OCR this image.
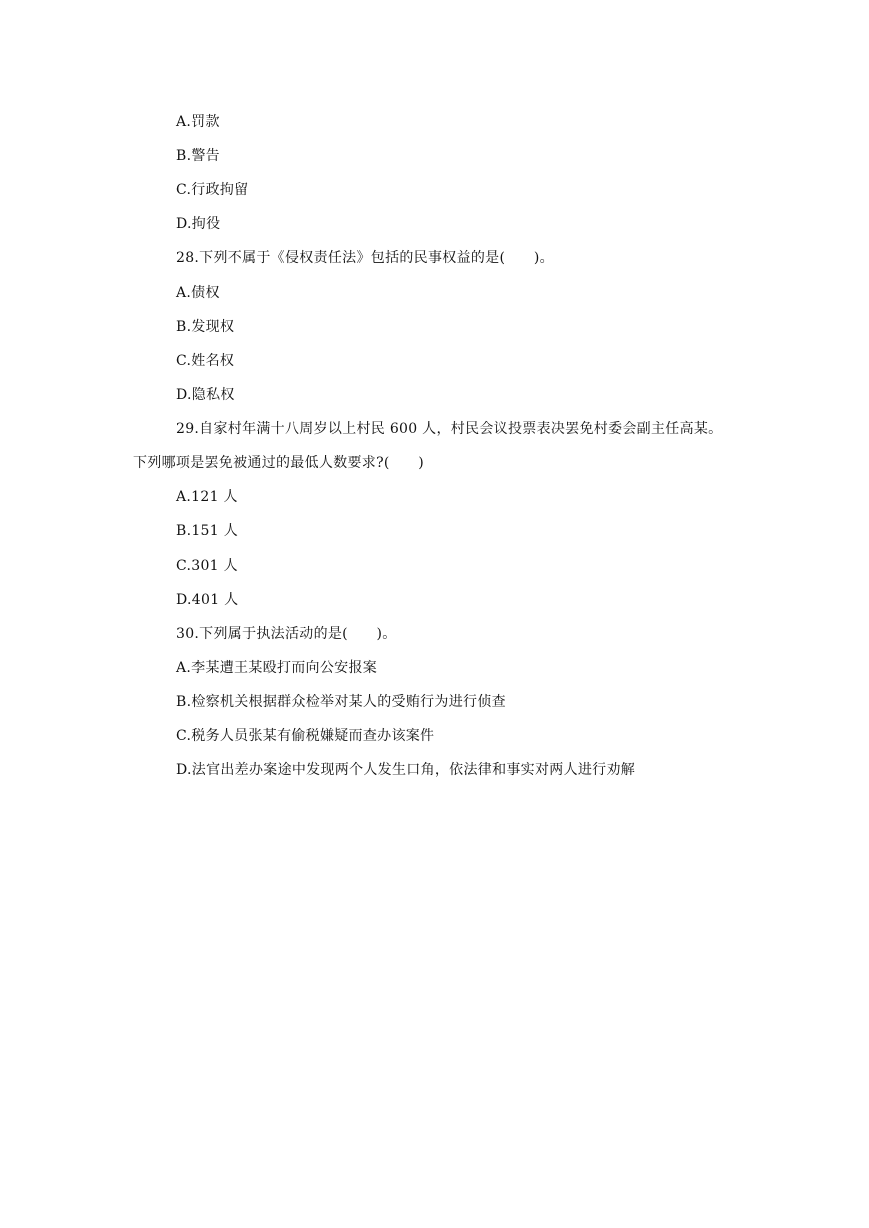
A.罚款
B.警告
C.行政拘留
D.拘役
28.下列不属于《侵权责任法》包括的民事权益的是(　　)。
A.债权
B.发现权
C.姓名权
D.隐私权
29.自家村年满十八周岁以上村民 600 人，村民会议投票表决罢免村委会副主任高某。
下列哪项是罢免被通过的最低人数要求?(　　)
A.121 人
B.151 人
C.301 人
D.401 人
30.下列属于执法活动的是(　　)。
A.李某遭王某殴打而向公安报案
B.检察机关根据群众检举对某人的受贿行为进行侦查
C.税务人员张某有偷税嫌疑而查办该案件
D.法官出差办案途中发现两个人发生口角，依法律和事实对两人进行劝解
